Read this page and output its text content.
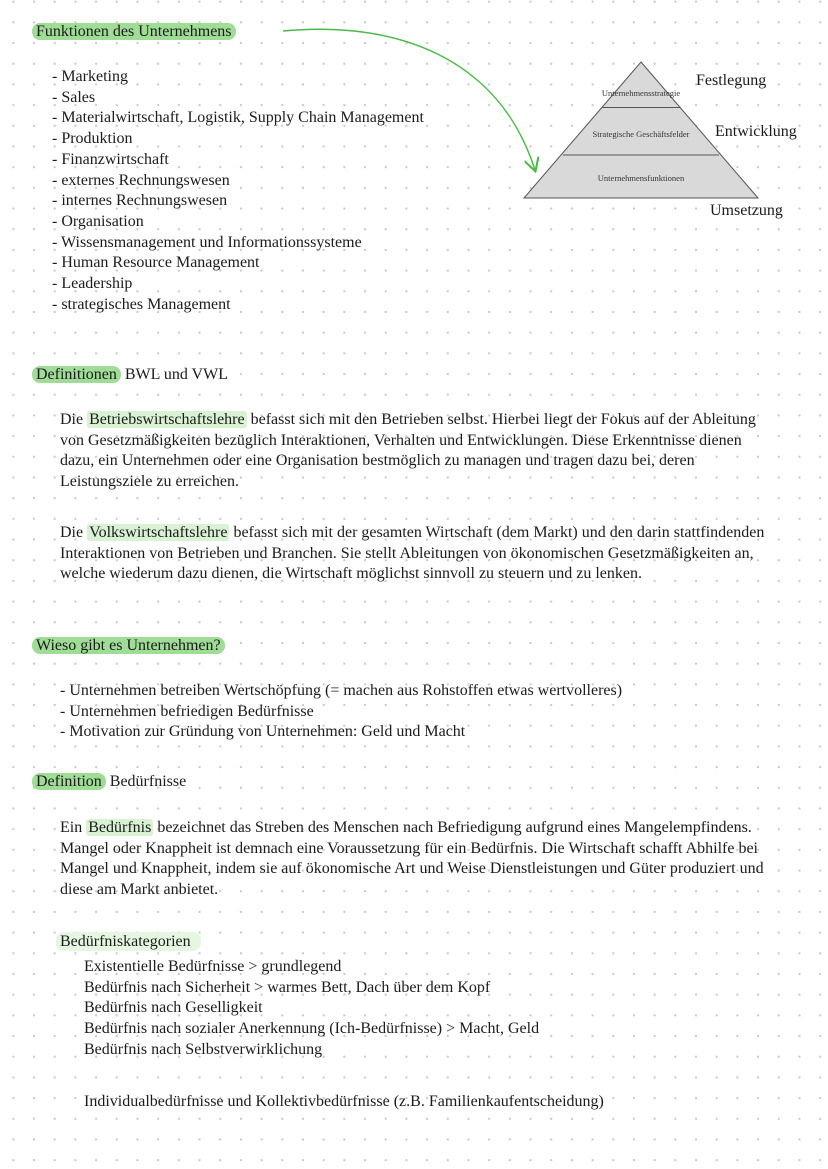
Funktionen des Unternehmens
- Marketing
- Sales
- Materialwirtschaft, Logistik, Supply Chain Management
- Produktion
- Finanzwirtschaft
- externes Rechnungswesen
- internes Rechnungswesen
- Organisation
- Wissensmanagement und Informationssysteme
- Human Resource Management
- Leadership
- strategisches Management
Unternehmensstrategie
Strategische Geschäftsfelder
Unternehmensfunktionen
Festlegung
Entwicklung
Umsetzung
Definitionen BWL und VWL

Die Betriebswirtschaftslehre befasst sich mit den Betrieben selbst. Hierbei liegt der Fokus auf der Ableitung von Gesetzmäßigkeiten bezüglich Interaktionen, Verhalten und Entwicklungen. Diese Erkenntnisse dienen dazu, ein Unternehmen oder eine Organisation bestmöglich zu managen und tragen dazu bei, deren Leistungsziele zu erreichen.

Die Volkswirtschaftslehre befasst sich mit der gesamten Wirtschaft (dem Markt) und den darin stattfindenden Interaktionen von Betrieben und Branchen. Sie stellt Ableitungen von ökonomischen Gesetzmäßigkeiten an, welche wiederum dazu dienen, die Wirtschaft möglichst sinnvoll zu steuern und zu lenken.

Wieso gibt es Unternehmen?
- Unternehmen betreiben Wertschöpfung (= machen aus Rohstoffen etwas wertvolleres)
- Unternehmen befriedigen Bedürfnisse
- Motivation zur Gründung von Unternehmen: Geld und Macht
Definition Bedürfnisse

Ein Bedürfnis bezeichnet das Streben des Menschen nach Befriedigung aufgrund eines Mangelempfindens. Mangel oder Knappheit ist demnach eine Voraussetzung für ein Bedürfnis. Die Wirtschaft schafft Abhilfe bei Mangel und Knappheit, indem sie auf ökonomische Art und Weise Dienstleistungen und Güter produziert und diese am Markt anbietet.

Bedürfniskategorien
Existentielle Bedürfnisse > grundlegend
Bedürfnis nach Sicherheit > warmes Bett, Dach über dem Kopf
Bedürfnis nach Geselligkeit
Bedürfnis nach sozialer Anerkennung (Ich-Bedürfnisse) > Macht, Geld
Bedürfnis nach Selbstverwirklichung
Individualbedürfnisse und Kollektivbedürfnisse (z.B. Familienkaufentscheidung)
